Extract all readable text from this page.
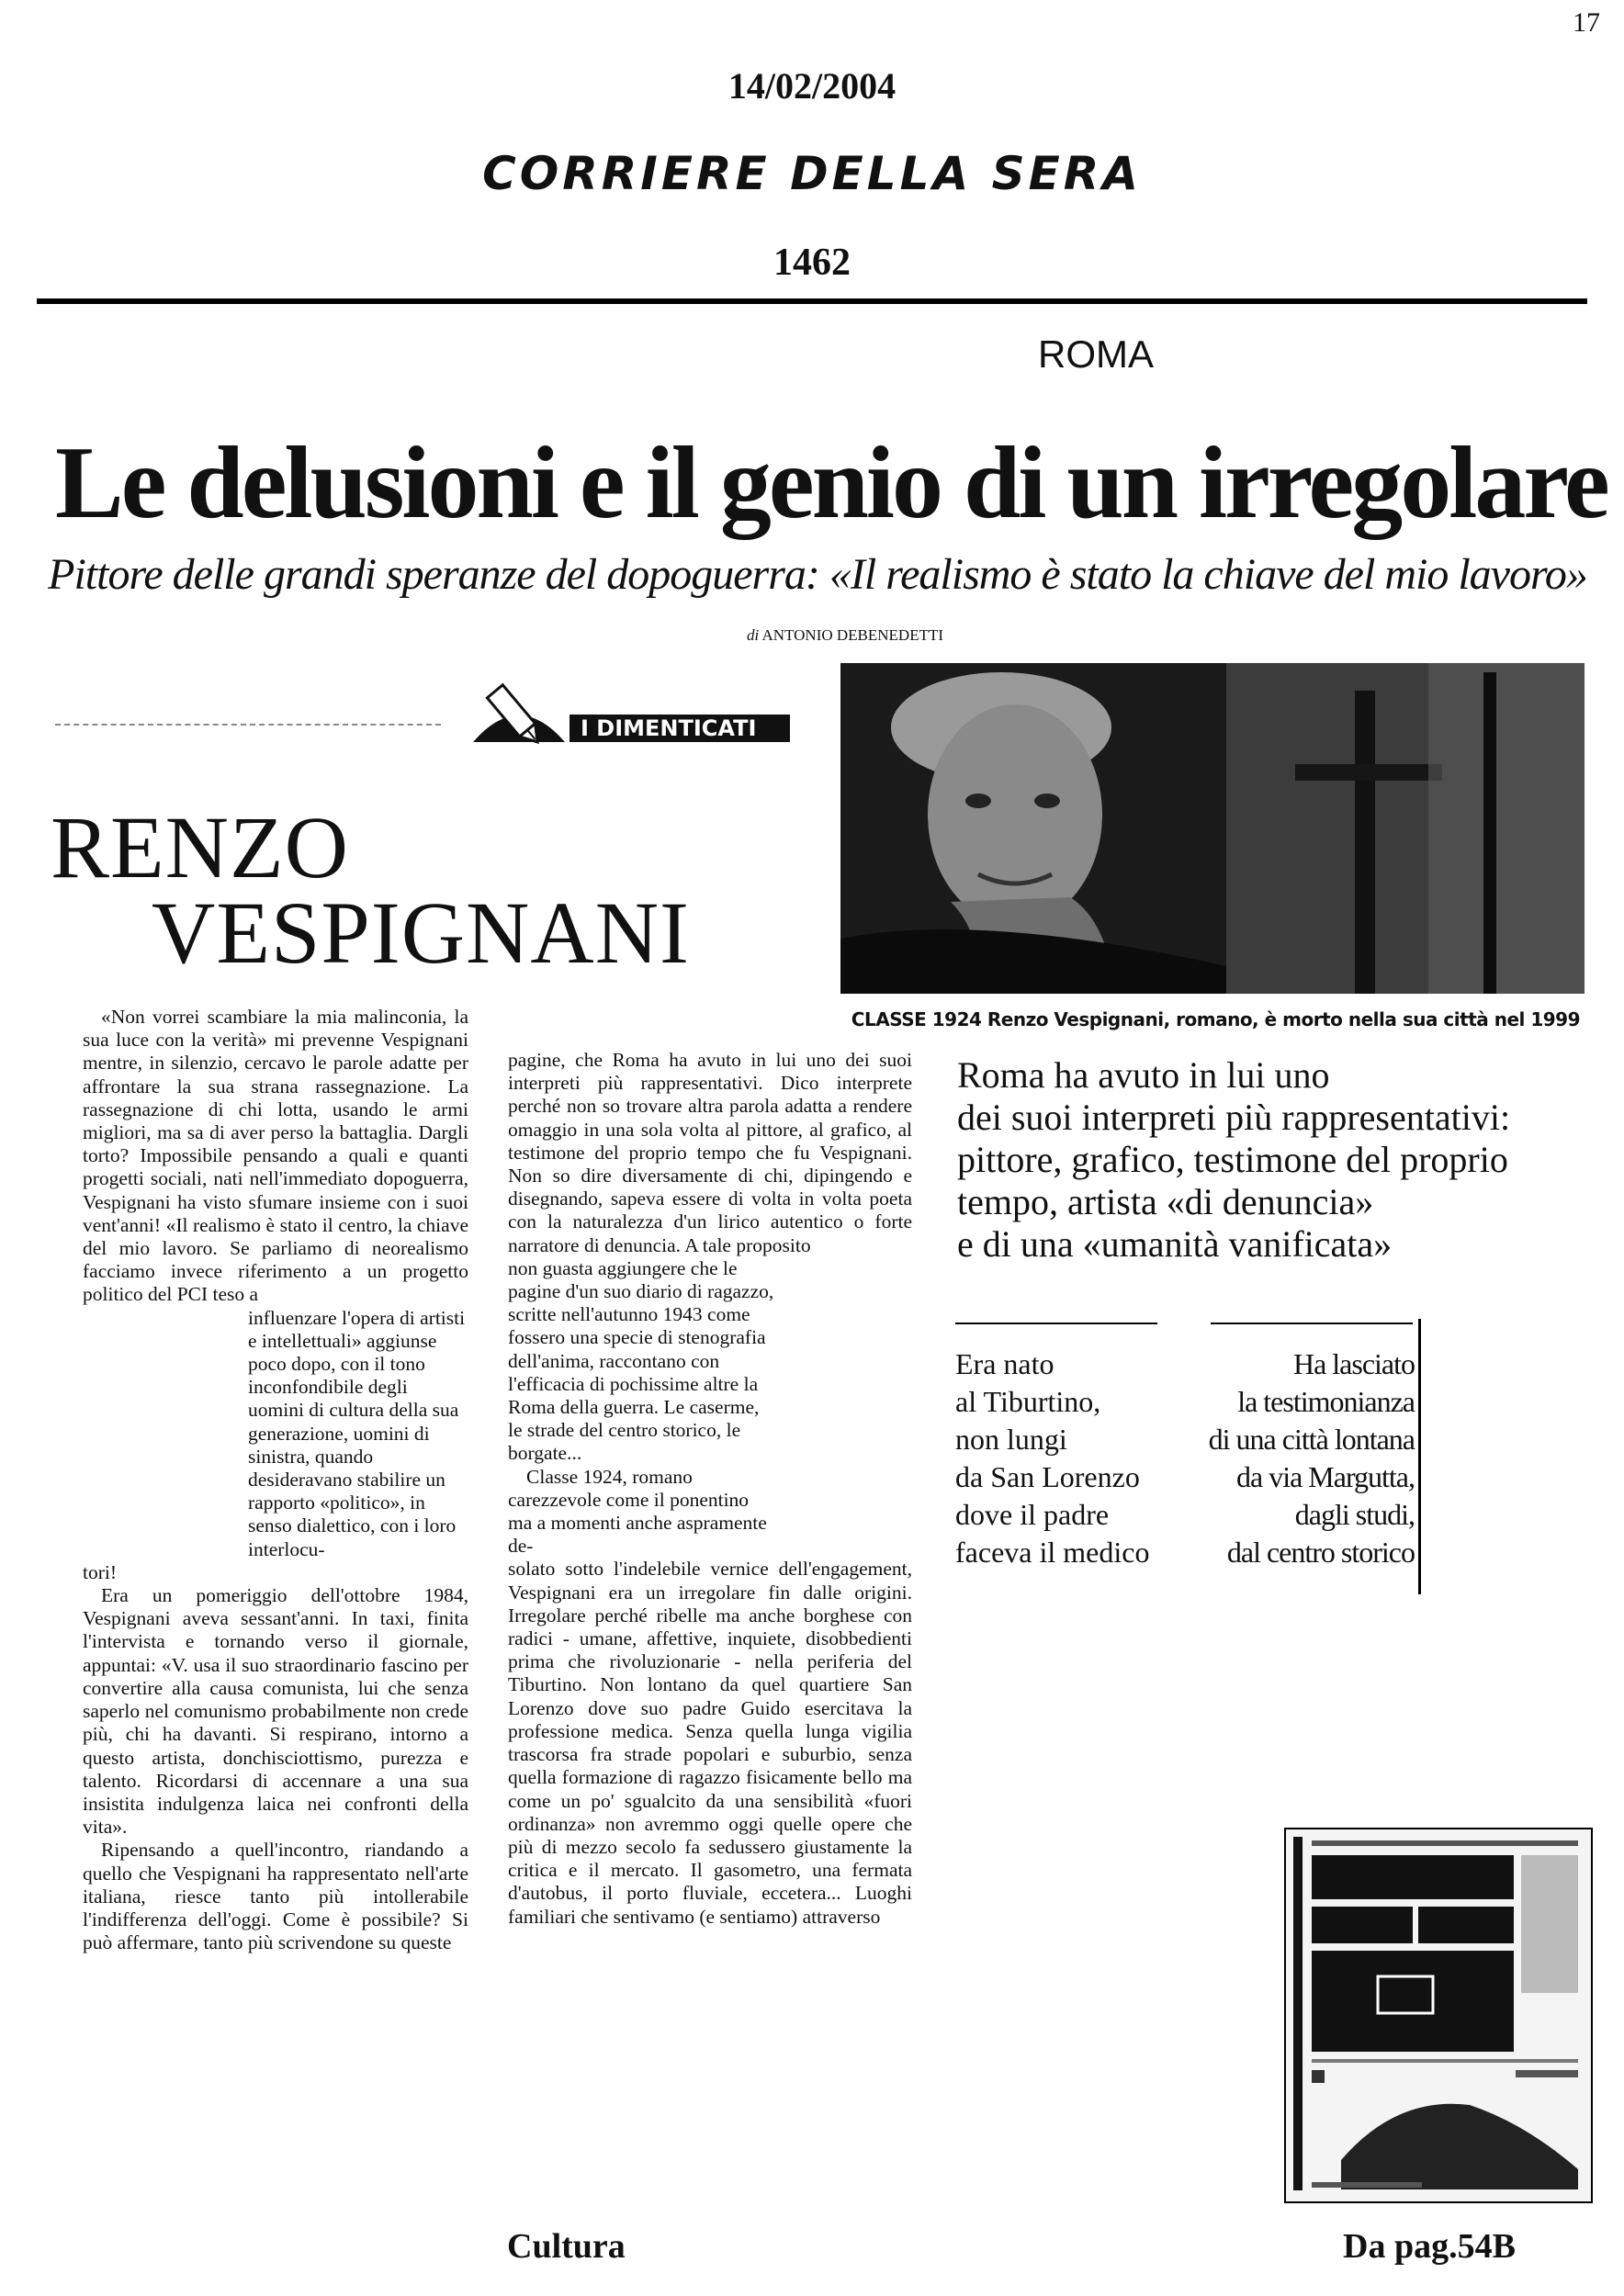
17
14/02/2004
CORRIERE DELLA SERA
1462
ROMA
Le delusioni e il genio di un irregolare
Pittore delle grandi speranze del dopoguerra: «Il realismo è stato la chiave del mio lavoro»
di ANTONIO DEBENEDETTI
I DIMENTICATI
RENZO
VESPIGNANI
CLASSE 1924 Renzo Vespignani, romano, è morto nella sua città nel 1999

«Non vorrei scambiare la mia malinconia, la sua luce con la verità» mi prevenne Vespignani mentre, in silenzio, cercavo le parole adatte per affrontare la sua strana rassegnazione. La rassegnazione di chi lotta, usando le armi migliori, ma sa di aver perso la battaglia. Dargli torto? Impossibile pensando a quali e quanti progetti sociali, nati nell'immediato dopoguerra, Vespignani ha visto sfumare insieme con i suoi vent'anni! «Il realismo è stato il centro, la chiave del mio lavoro. Se parliamo di neorealismo facciamo invece riferimento a un progetto politico del PCI teso a

influenzare l'opera di artisti e intellettuali» aggiunse poco dopo, con il tono inconfondibile degli uomini di cultura della sua generazione, uomini di sinistra, quando desideravano stabilire un rapporto «politico», in senso dialettico, con i loro interlocu-

tori!

Era un pomeriggio dell'ottobre 1984, Vespignani aveva sessant'anni. In taxi, finita l'intervista e tornando verso il giornale, appuntai: «V. usa il suo straordinario fascino per convertire alla causa comunista, lui che senza saperlo nel comunismo probabilmente non crede più, chi ha davanti. Si respirano, intorno a questo artista, donchisciottismo, purezza e talento. Ricordarsi di accennare a una sua insistita indulgenza laica nei confronti della vita».

Ripensando a quell'incontro, riandando a quello che Vespignani ha rappresentato nell'arte italiana, riesce tanto più intollerabile l'indifferenza dell'oggi. Come è possibile? Si può affermare, tanto più scrivendone su queste

pagine, che Roma ha avuto in lui uno dei suoi interpreti più rappresentativi. Dico interprete perché non so trovare altra parola adatta a rendere omaggio in una sola volta al pittore, al grafico, al testimone del proprio tempo che fu Vespignani. Non so dire diversamente di chi, dipingendo e disegnando, sapeva essere di volta in volta poeta con la naturalezza d'un lirico autentico o forte narratore di denuncia. A tale proposito

non guasta aggiungere che le pagine d'un suo diario di ragazzo, scritte nell'autunno 1943 come fossero una specie di stenografia dell'anima, raccontano con l'efficacia di pochissime altre la Roma della guerra. Le caserme, le strade del centro storico, le borgate...

Classe 1924, romano carezzevole come il ponentino ma a momenti anche aspramente de-

solato sotto l'indelebile vernice dell'engagement, Vespignani era un irregolare fin dalle origini. Irregolare perché ribelle ma anche borghese con radici - umane, affettive, inquiete, disobbedienti prima che rivoluzionarie - nella periferia del Tiburtino. Non lontano da quel quartiere San Lorenzo dove suo padre Guido esercitava la professione medica. Senza quella lunga vigilia trascorsa fra strade popolari e suburbio, senza quella formazione di ragazzo fisicamente bello ma come un po' sgualcito da una sensibilità «fuori ordinanza» non avremmo oggi quelle opere che più di mezzo secolo fa sedussero giustamente la critica e il mercato. Il gasometro, una fermata d'autobus, il porto fluviale, eccetera... Luoghi familiari che sentivamo (e sentiamo) attraverso

Roma ha avuto in lui uno
dei suoi interpreti più rappresentativi:
pittore, grafico, testimone del proprio
tempo, artista «di denuncia»
e di una «umanità vanificata»
Era nato
al Tiburtino,
non lungi
da San Lorenzo
dove il padre
faceva il medico
Ha lasciato
la testimonianza
di una città lontana
da via Margutta,
dagli studi,
dal centro storico
Cultura	Da pag.54B
